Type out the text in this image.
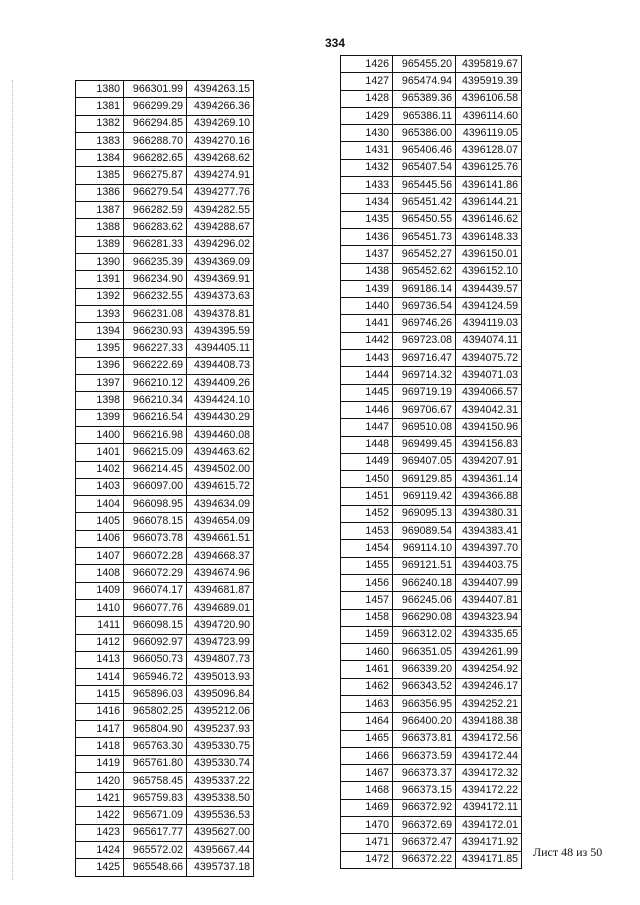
334
1380	966301.99	4394263.15
1381	966299.29	4394266.36
1382	966294.85	4394269.10
1383	966288.70	4394270.16
1384	966282.65	4394268.62
1385	966275.87	4394274.91
1386	966279.54	4394277.76
1387	966282.59	4394282.55
1388	966283.62	4394288.67
1389	966281.33	4394296.02
1390	966235.39	4394369.09
1391	966234.90	4394369.91
1392	966232.55	4394373.63
1393	966231.08	4394378.81
1394	966230.93	4394395.59
1395	966227.33	4394405.11
1396	966222.69	4394408.73
1397	966210.12	4394409.26
1398	966210.34	4394424.10
1399	966216.54	4394430.29
1400	966216.98	4394460.08
1401	966215.09	4394463.62
1402	966214.45	4394502.00
1403	966097.00	4394615.72
1404	966098.95	4394634.09
1405	966078.15	4394654.09
1406	966073.78	4394661.51
1407	966072.28	4394668.37
1408	966072.29	4394674.96
1409	966074.17	4394681.87
1410	966077.76	4394689.01
1411	966098.15	4394720.90
1412	966092.97	4394723.99
1413	966050.73	4394807.73
1414	965946.72	4395013.93
1415	965896.03	4395096.84
1416	965802.25	4395212.06
1417	965804.90	4395237.93
1418	965763.30	4395330.75
1419	965761.80	4395330.74
1420	965758.45	4395337.22
1421	965759.83	4395338.50
1422	965671.09	4395536.53
1423	965617.77	4395627.00
1424	965572.02	4395667.44
1425	965548.66	4395737.18
1426	965455.20	4395819.67
1427	965474.94	4395919.39
1428	965389.36	4396106.58
1429	965386.11	4396114.60
1430	965386.00	4396119.05
1431	965406.46	4396128.07
1432	965407.54	4396125.76
1433	965445.56	4396141.86
1434	965451.42	4396144.21
1435	965450.55	4396146.62
1436	965451.73	4396148.33
1437	965452.27	4396150.01
1438	965452.62	4396152.10
1439	969186.14	4394439.57
1440	969736.54	4394124.59
1441	969746.26	4394119.03
1442	969723.08	4394074.11
1443	969716.47	4394075.72
1444	969714.32	4394071.03
1445	969719.19	4394066.57
1446	969706.67	4394042.31
1447	969510.08	4394150.96
1448	969499.45	4394156.83
1449	969407.05	4394207.91
1450	969129.85	4394361.14
1451	969119.42	4394366.88
1452	969095.13	4394380.31
1453	969089.54	4394383.41
1454	969114.10	4394397.70
1455	969121.51	4394403.75
1456	966240.18	4394407.99
1457	966245.06	4394407.81
1458	966290.08	4394323.94
1459	966312.02	4394335.65
1460	966351.05	4394261.99
1461	966339.20	4394254.92
1462	966343.52	4394246.17
1463	966356.95	4394252.21
1464	966400.20	4394188.38
1465	966373.81	4394172.56
1466	966373.59	4394172.44
1467	966373.37	4394172.32
1468	966373.15	4394172.22
1469	966372.92	4394172.11
1470	966372.69	4394172.01
1471	966372.47	4394171.92
1472	966372.22	4394171.85
Лист 48 из 50
